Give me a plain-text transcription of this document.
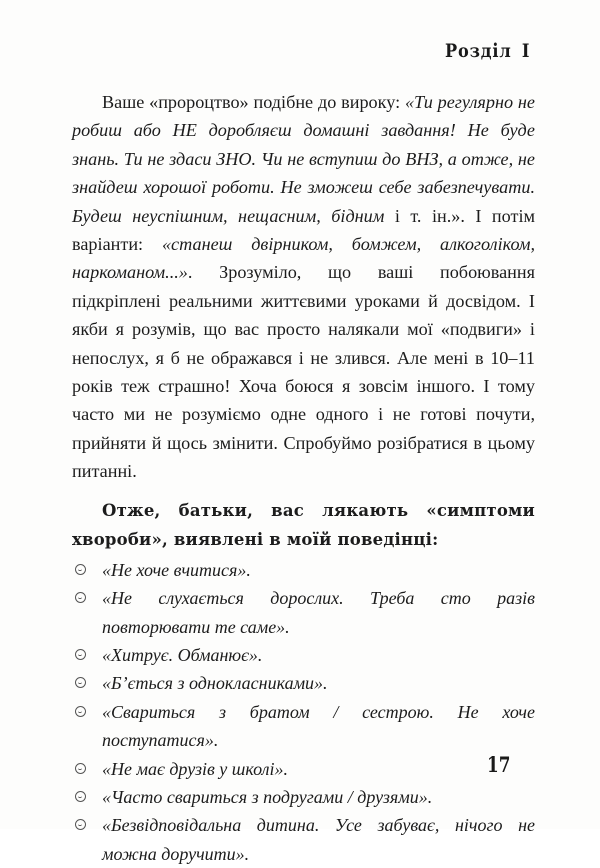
Розділ I

Ваше «пророцтво» подібне до вироку: «Ти регулярно не робиш або НЕ доробляєш домашні завдання! Не буде знань. Ти не здаси ЗНО. Чи не вступиш до ВНЗ, а отже, не знайдеш хорошої роботи. Не зможеш себе забезпечувати. Будеш неуспішним, нещасним, бідним і т. ін.». І потім варіанти: «станеш двірником, бомжем, алкоголіком, наркоманом...». Зрозуміло, що ваші побоювання підкріплені реальними життєвими уроками й досвідом. І якби я розумів, що вас просто налякали мої «подвиги» і непослух, я б не ображався і не злився. Але мені в 10–11 років теж страшно! Хоча боюся я зовсім іншого. І тому часто ми не розуміємо одне одного і не готові почути, прийняти й щось змінити. Спробуймо розібратися в цьому питанні.

Отже, батьки, вас лякають «симптоми хвороби», виявлені в моїй поведінці:

«Не хоче вчитися».
«Не слухається дорослих. Треба сто разів повторювати те саме».
«Хитрує. Обманює».
«Б’ється з однокласниками».
«Свариться з братом / сестрою. Не хоче поступатися».
«Не має друзів у школі».
«Часто свариться з подругами / друзями».
«Безвідповідальна дитина. Усе забуває, нічого не можна доручити».
17
